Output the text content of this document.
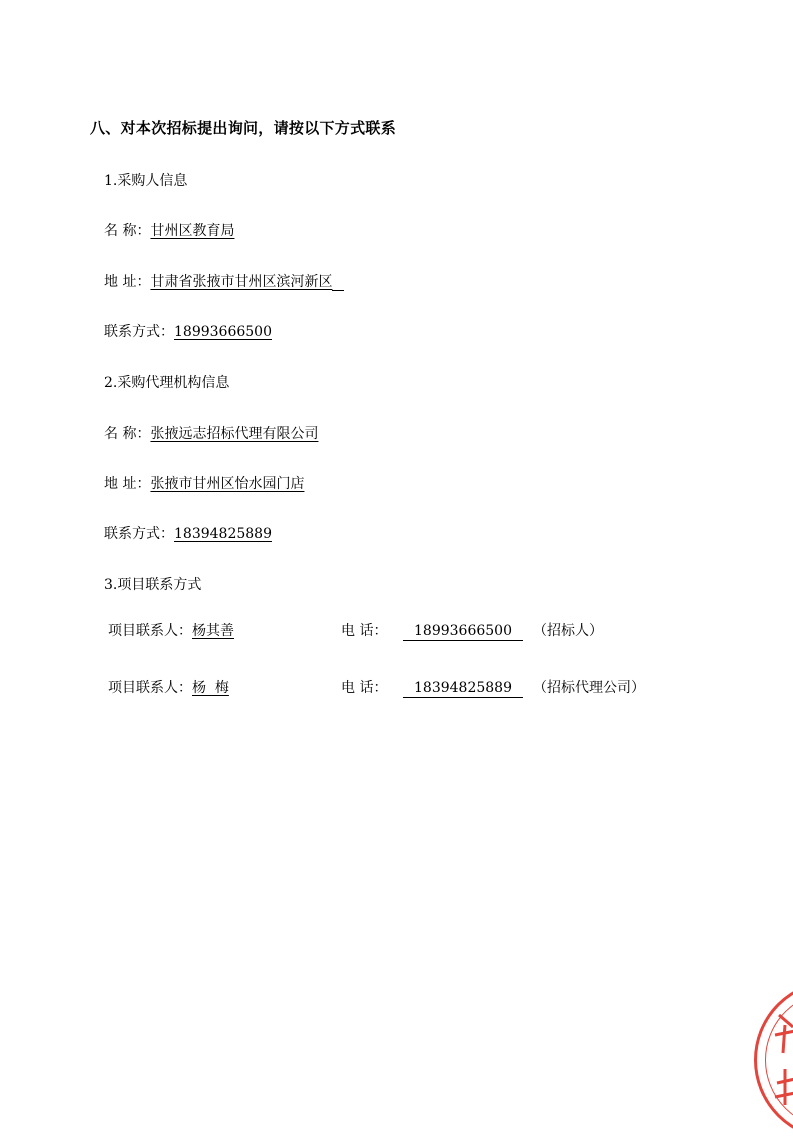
八、对本次招标提出询问，请按以下方式联系
1.采购人信息
名 称：甘州区教育局
地 址：甘肃省张掖市甘州区滨河新区
联系方式：18993666500
2.采购代理机构信息
名 称：张掖远志招标代理有限公司
地 址：张掖市甘州区怡水园门店
联系方式：18394825889
3.项目联系方式
项目联系人：杨其善	电 话： 18993666500 （招标人）
项目联系人：杨  梅	电 话： 18394825889 （招标代理公司）
